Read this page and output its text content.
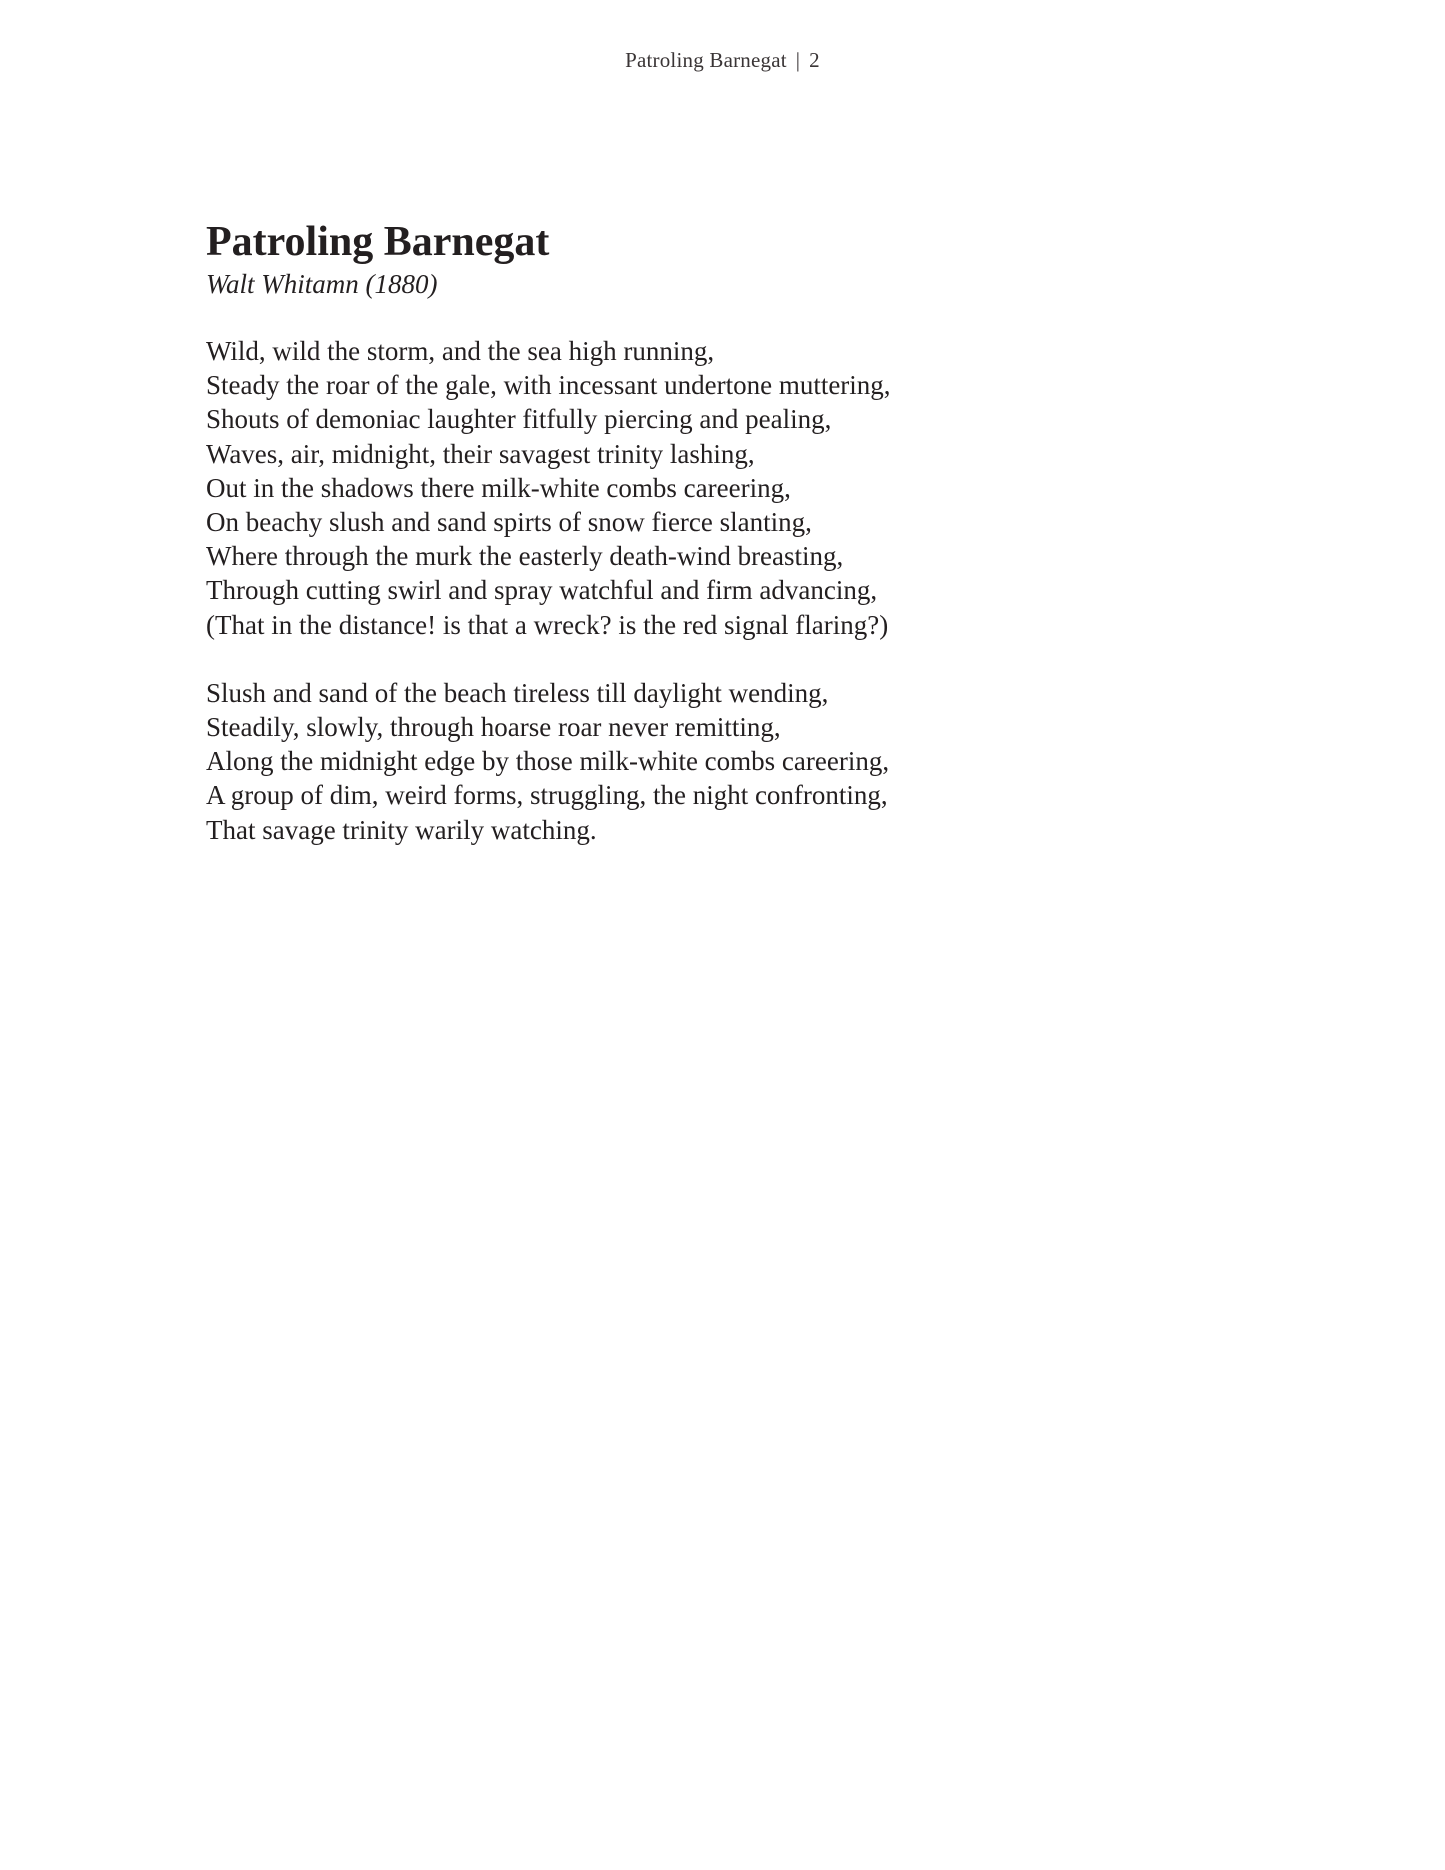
Patroling Barnegat | 2
Patroling Barnegat
Walt Whitamn (1880)
Wild, wild the storm, and the sea high running,
Steady the roar of the gale, with incessant undertone muttering,
Shouts of demoniac laughter fitfully piercing and pealing,
Waves, air, midnight, their savagest trinity lashing,
Out in the shadows there milk-white combs careering,
On beachy slush and sand spirts of snow fierce slanting,
Where through the murk the easterly death-wind breasting,
Through cutting swirl and spray watchful and firm advancing,
(That in the distance! is that a wreck? is the red signal flaring?)
Slush and sand of the beach tireless till daylight wending,
Steadily, slowly, through hoarse roar never remitting,
Along the midnight edge by those milk-white combs careering,
A group of dim, weird forms, struggling, the night confronting,
That savage trinity warily watching.
